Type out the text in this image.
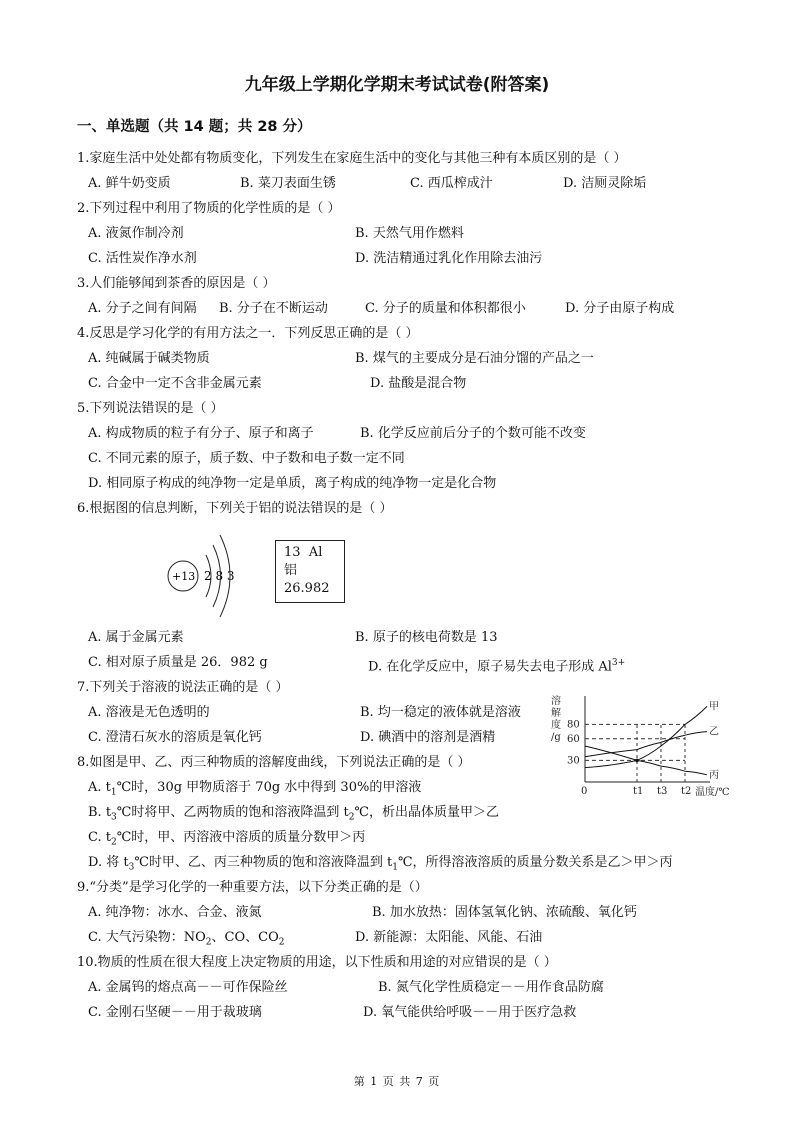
九年级上学期化学期末考试试卷(附答案)
一、单选题（共 14 题；共 28 分）
1.家庭生活中处处都有物质变化，下列发生在家庭生活中的变化与其他三种有本质区别的是（ ）
A. 鲜牛奶变质	B. 菜刀表面生锈	C. 西瓜榨成汁	D. 洁厕灵除垢
2.下列过程中利用了物质的化学性质的是（ ）
A. 液氮作制冷剂	B. 天然气用作燃料
C. 活性炭作净水剂	D. 洗洁精通过乳化作用除去油污
3.人们能够闻到茶香的原因是（ ）
A. 分子之间有间隔 B. 分子在不断运动	C. 分子的质量和体积都很小	D. 分子由原子构成
4.反思是学习化学的有用方法之一．下列反思正确的是（ ）
A. 纯碱属于碱类物质	B. 煤气的主要成分是石油分馏的产品之一
C. 合金中一定不含非金属元素	D. 盐酸是混合物
5.下列说法错误的是（ ）
A. 构成物质的粒子有分子、原子和离子	B. 化学反应前后分子的个数可能不改变
C. 不同元素的原子，质子数、中子数和电子数一定不同
D. 相同原子构成的纯净物一定是单质，离子构成的纯净物一定是化合物
6.根据图的信息判断，下列关于铝的说法错误的是（ ）
+13 2 8 3
13  Al
铝
26.982
A. 属于金属元素	B. 原子的核电荷数是 13
C. 相对原子质量是 26．982 g	D. 在化学反应中，原子易失去电子形成 $Al^{3+}$
7.下列关于溶液的说法正确的是（ ）
A. 溶液是无色透明的	B. 均一稳定的液体就是溶液
C. 澄清石灰水的溶质是氧化钙	D. 碘酒中的溶剂是酒精
溶
解
度
/g
甲
乙
丙
30
60
80
0	t1 t3 t2 温度/℃
8.如图是甲、乙、丙三种物质的溶解度曲线，下列说法正确的是（ ）
A. $t_1℃$时，30g 甲物质溶于 70g 水中得到 30%的甲溶液
B. $t_3℃$时将甲、乙两物质的饱和溶液降温到 $t_2℃$，析出晶体质量甲＞乙
C. $t_2℃$时，甲、丙溶液中溶质的质量分数甲＞丙
D. 将 $t_3℃$时甲、乙、丙三种物质的饱和溶液降温到 $t_1℃$，所得溶液溶质的质量分数关系是乙＞甲＞丙
9.“分类”是学习化学的一种重要方法，以下分类正确的是（）
A. 纯净物：冰水、合金、液氮	B. 加水放热：固体氢氧化钠、浓硫酸、氧化钙
C. 大气污染物：$NO_2$、CO、$CO_2$	D. 新能源：太阳能、风能、石油
10.物质的性质在很大程度上决定物质的用途，以下性质和用途的对应错误的是（ ）
A. 金属钨的熔点高－－可作保险丝	B. 氮气化学性质稳定－－用作食品防腐
C. 金刚石坚硬－－用于裁玻璃	D. 氧气能供给呼吸－－用于医疗急救
第 1 页 共 7 页
